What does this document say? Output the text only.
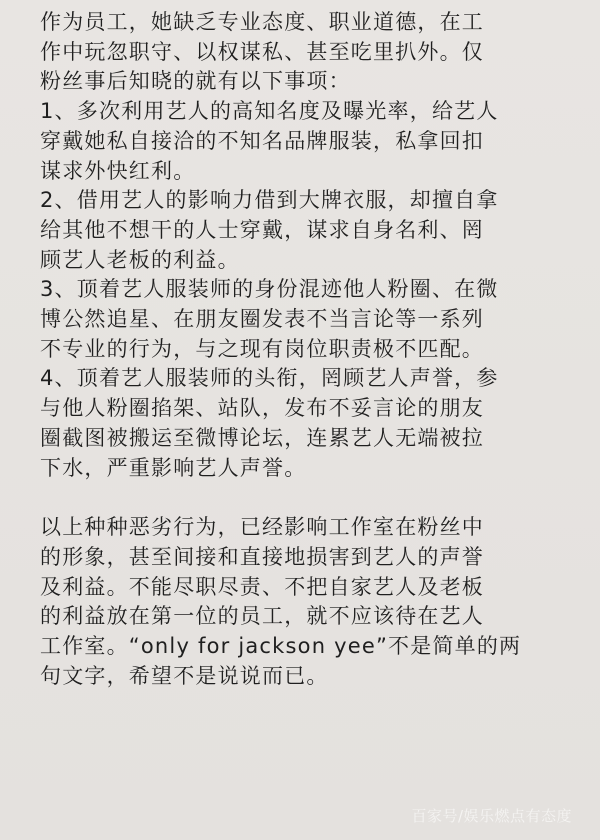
作为员工，她缺乏专业态度、职业道德，在工
作中玩忽职守、以权谋私、甚至吃里扒外。仅
粉丝事后知晓的就有以下事项：
1、多次利用艺人的高知名度及曝光率，给艺人
穿戴她私自接洽的不知名品牌服装，私拿回扣
谋求外快红利。
2、借用艺人的影响力借到大牌衣服，却擅自拿
给其他不想干的人士穿戴，谋求自身名利、罔
顾艺人老板的利益。
3、顶着艺人服装师的身份混迹他人粉圈、在微
博公然追星、在朋友圈发表不当言论等一系列
不专业的行为，与之现有岗位职责极不匹配。
4、顶着艺人服装师的头衔，罔顾艺人声誉，参
与他人粉圈掐架、站队，发布不妥言论的朋友
圈截图被搬运至微博论坛，连累艺人无端被拉
下水，严重影响艺人声誉。
以上种种恶劣行为，已经影响工作室在粉丝中
的形象，甚至间接和直接地损害到艺人的声誉
及利益。不能尽职尽责、不把自家艺人及老板
的利益放在第一位的员工，就不应该待在艺人
工作室。“only for jackson yee”不是简单的两
句文字，希望不是说说而已。
百家号/娱乐燃点有态度
